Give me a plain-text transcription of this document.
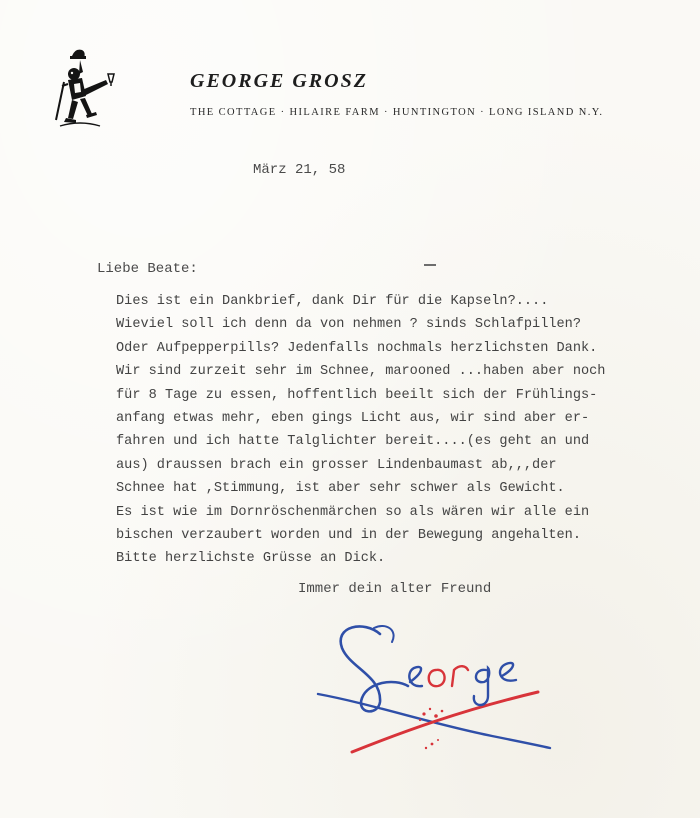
GEORGE GROSZ
THE COTTAGE · HILAIRE FARM · HUNTINGTON · LONG ISLAND N.Y.
März 21, 58
Liebe Beate:
Dies ist ein Dankbrief, dank Dir für die Kapseln?....
Wieviel soll ich denn da von nehmen ? sinds Schlafpillen?
Oder Aufpepperpills? Jedenfalls nochmals herzlichsten Dank.
Wir sind zurzeit sehr im Schnee, marooned ...haben aber noch
für 8 Tage zu essen, hoffentlich beeilt sich der Frühlings-
anfang etwas mehr, eben gings Licht aus, wir sind aber er-
fahren und ich hatte Talglichter bereit....(es geht an und
aus) draussen brach ein grosser Lindenbaumast ab,,,der
Schnee hat ,Stimmung, ist aber sehr schwer als Gewicht.
Es ist wie im Dornröschenmärchen so als wären wir alle ein
bischen verzaubert worden und in der Bewegung angehalten.
Bitte herzlichste Grüsse an Dick.
Immer dein alter Freund
